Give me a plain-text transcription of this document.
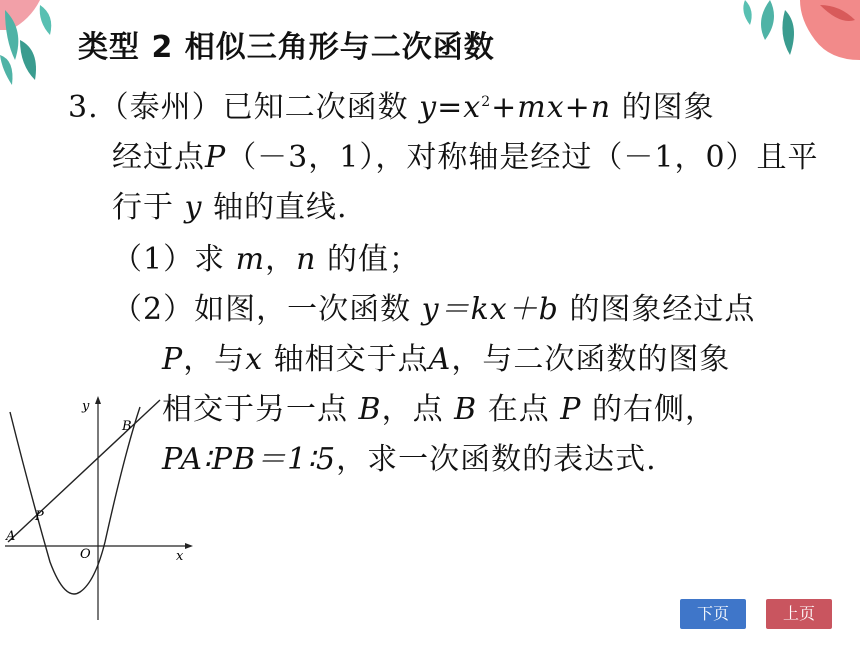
类型 2 相似三角形与二次函数
3.（泰州）已知二次函数 $y=x^2+mx+n$ 的图象
经过点P（－3，1），对称轴是经过（－1，0）且平
行于 y 轴的直线.
（1）求 m，n 的值；
（2）如图，一次函数 y＝kx＋b 的图象经过点
P，与x 轴相交于点A，与二次函数的图象
相交于另一点 B，点 B 在点 P 的右侧，
PA∶PB＝1∶5，求一次函数的表达式.
y
x
O
A
P
B
下页	上页
